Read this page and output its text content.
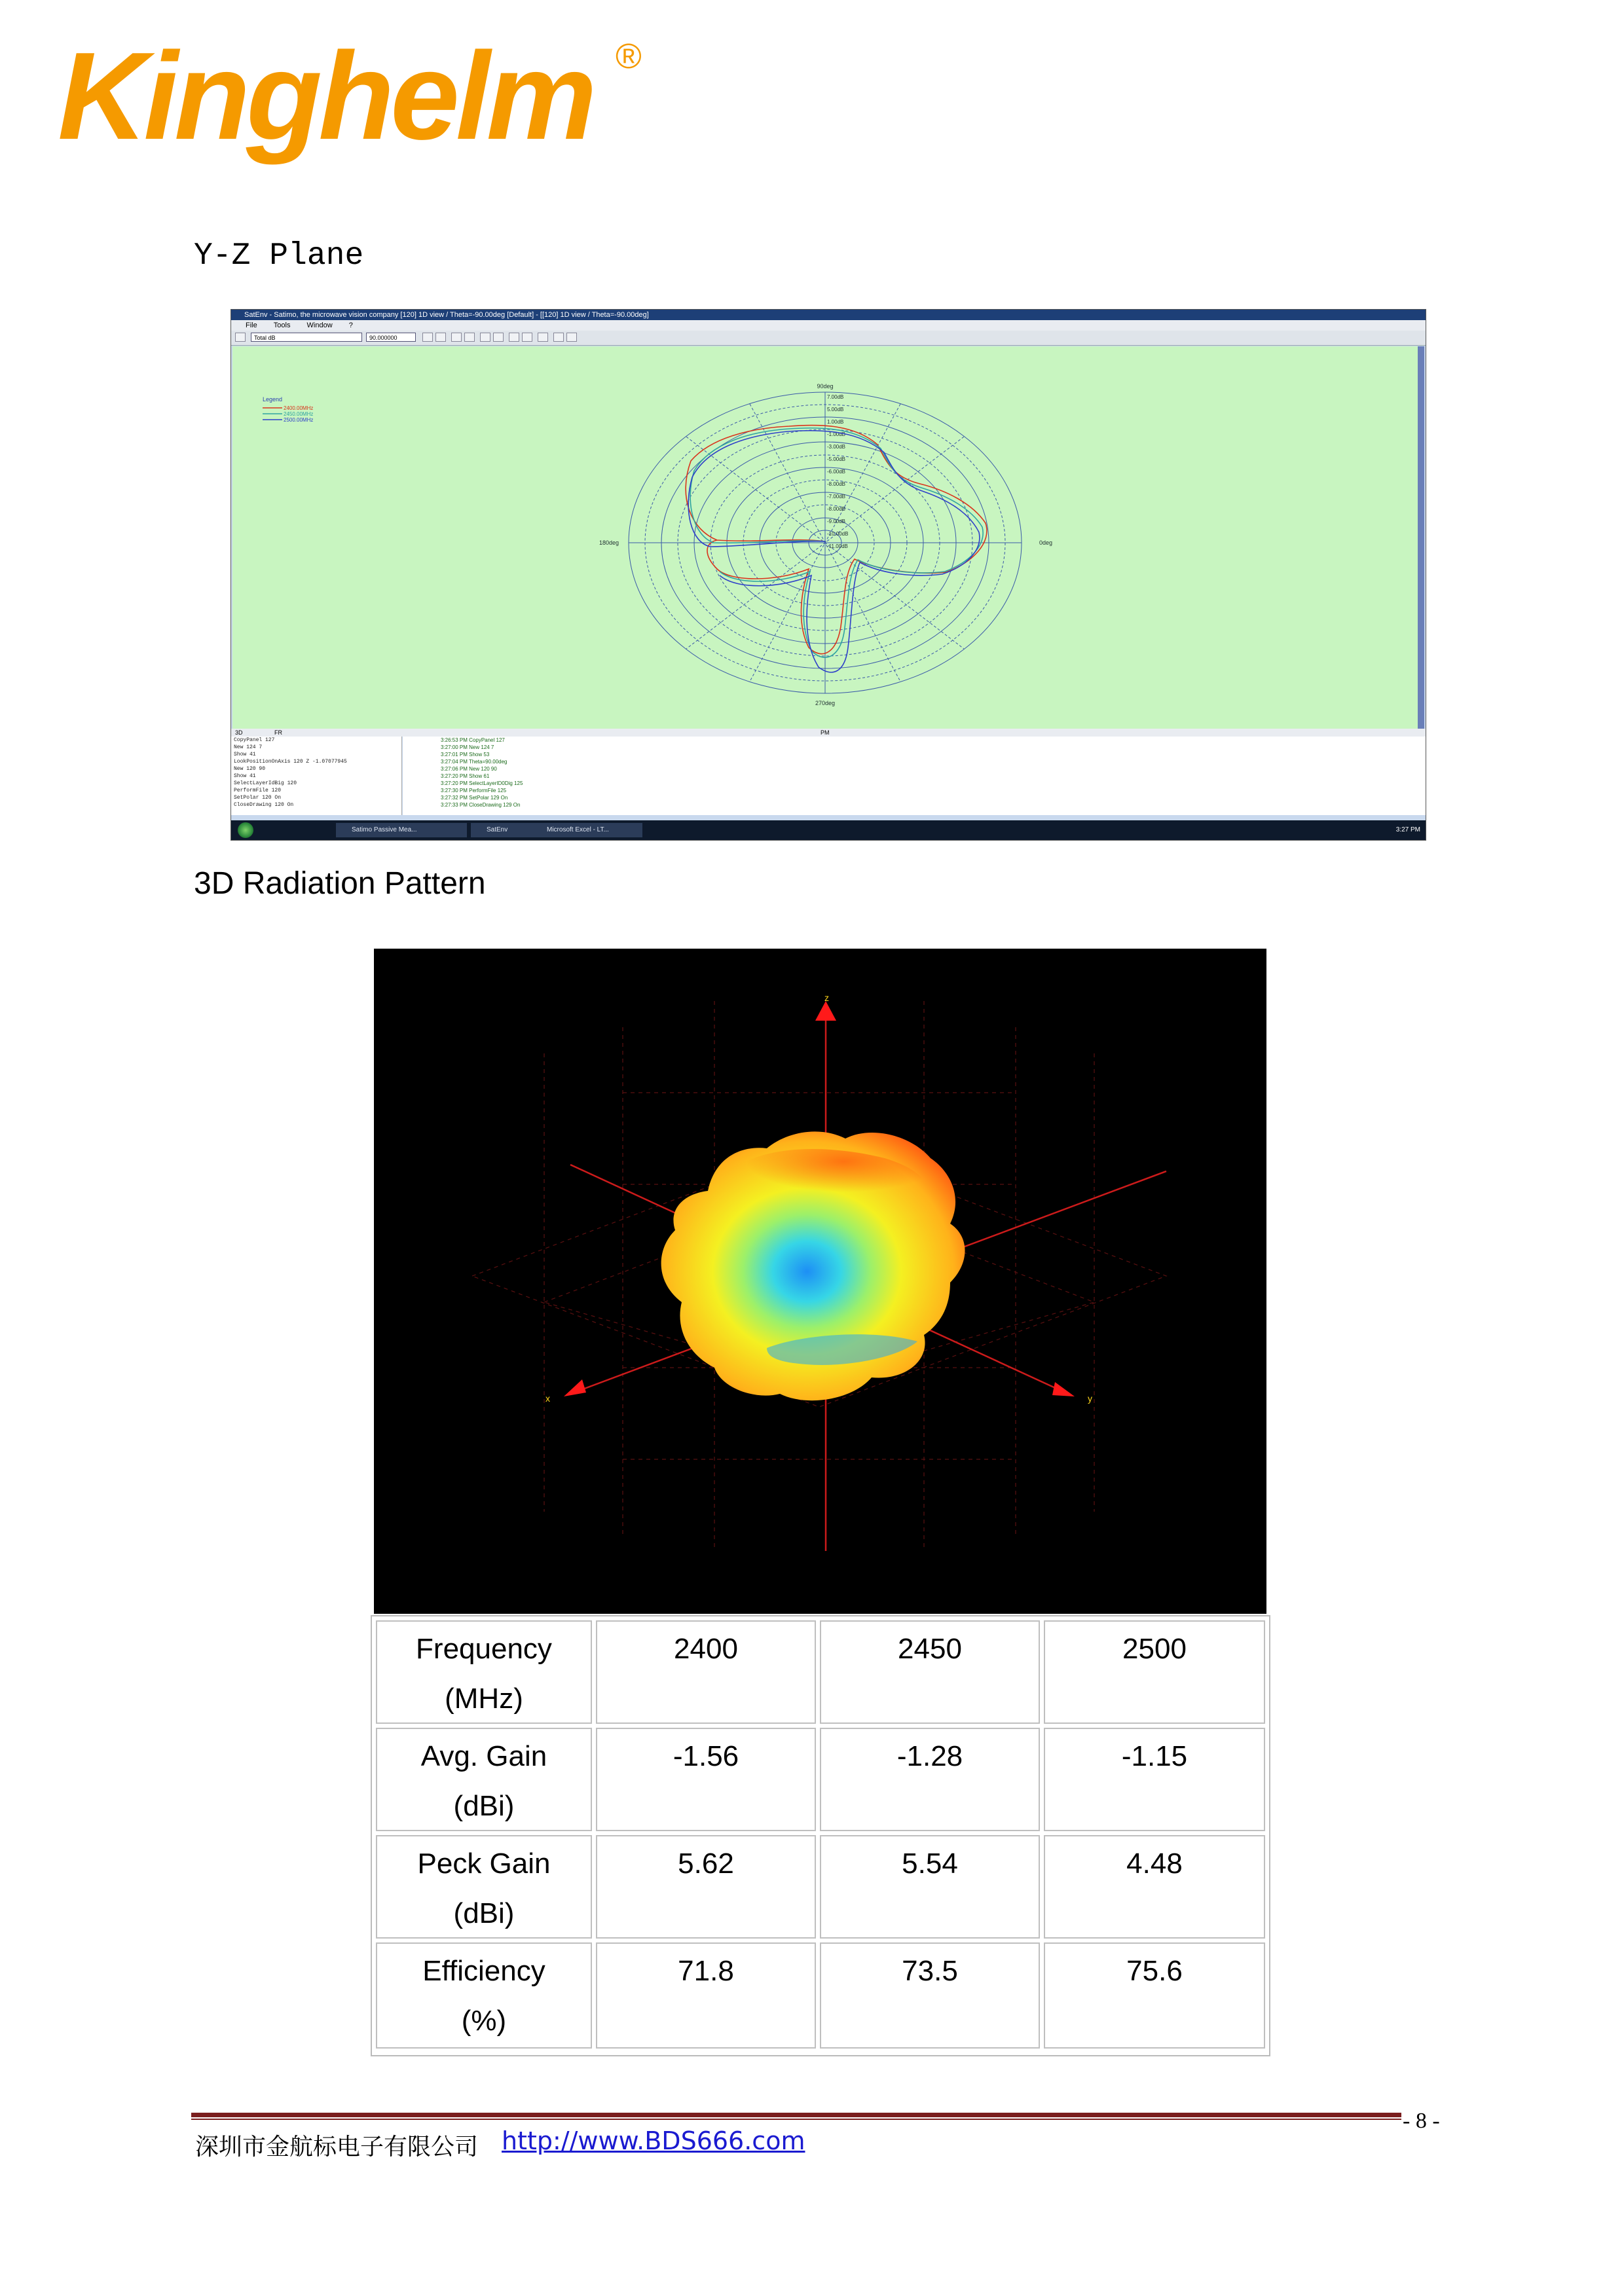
Kinghelm ®
Y-Z Plane
SatEnv - Satimo, the microwave vision company [120] 1D view / Theta=-90.00deg [Default] - [[120] 1D view / Theta=-90.00deg]
File Tools Window ?
Total dB	90.000000
Legend
2400.00MHz
2450.00MHz
2500.00MHz
90deg
0deg
270deg
180deg
7.00dB
5.00dB
1.00dB
-1.00dB
-3.00dB
-5.00dB
-6.00dB
-8.00dB
-7.00dB
-8.00dB
-9.00dB
-10.00dB
-11.00dB
3D	FR	PM
CopyPanel 127
New 124 7
Show 41
LookPositionOnAxis 120 Z -1.07077945
New 120 90
Show 41
SelectLayerIdBig 120
PerformFile 120
SetPolar 120 On
CloseDrawing 120 On
3:26:53 PM CopyPanel 127
3:27:00 PM New 124 7
3:27:01 PM Show 53
3:27:04 PM Theta=90.00deg
3:27:06 PM New 120 90
3:27:20 PM Show 61
3:27:20 PM SelectLayerID0Dig 125
3:27:30 PM PerformFile 125
3:27:32 PM SetPolar 129 On
3:27:33 PM CloseDrawing 129 On
Satimo Passive Mea...	SatEnv	Microsoft Excel - LT...	3:27 PM
3D Radiation Pattern
z
x	y
Frequency
(MHz)
2400	2450	2500
Avg. Gain
(dBi)
-1.56	-1.28	-1.15
Peck Gain
(dBi)
5.62	5.54	4.48
Efficiency
(%)
71.8	73.5	75.6
深圳市金航标电子有限公司 http://www.BDS666.com
- 8 -
